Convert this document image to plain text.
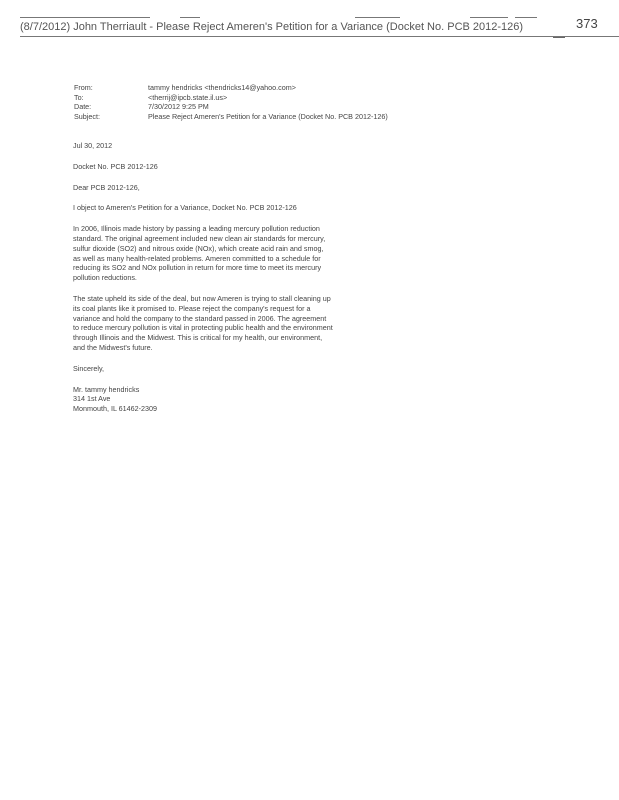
(8/7/2012) John Therriault - Please Reject Ameren's Petition for a Variance (Docket No. PCB 2012-126)	373
From:	tammy hendricks <thendricks14@yahoo.com>
To:	<therrij@ipcb.state.il.us>
Date:	7/30/2012 9:25 PM
Subject:	Please Reject Ameren's Petition for a Variance (Docket No. PCB 2012-126)

Jul 30, 2012

Docket No. PCB 2012-126

Dear PCB 2012-126,

I object to Ameren's Petition for a Variance, Docket No. PCB 2012-126

In 2006, Illinois made history by passing a leading mercury pollution reduction standard. The original agreement included new clean air standards for mercury, sulfur dioxide (SO2) and nitrous oxide (NOx), which create acid rain and smog, as well as many health-related problems. Ameren committed to a schedule for reducing its SO2 and NOx pollution in return for more time to meet its mercury pollution reductions.

The state upheld its side of the deal, but now Ameren is trying to stall cleaning up its coal plants like it promised to. Please reject the company's request for a variance and hold the company to the standard passed in 2006. The agreement to reduce mercury pollution is vital in protecting public health and the environment through Illinois and the Midwest. This is critical for my health, our environment, and the Midwest's future.

Sincerely,

Mr. tammy hendricks
314 1st Ave
Monmouth, IL 61462-2309
